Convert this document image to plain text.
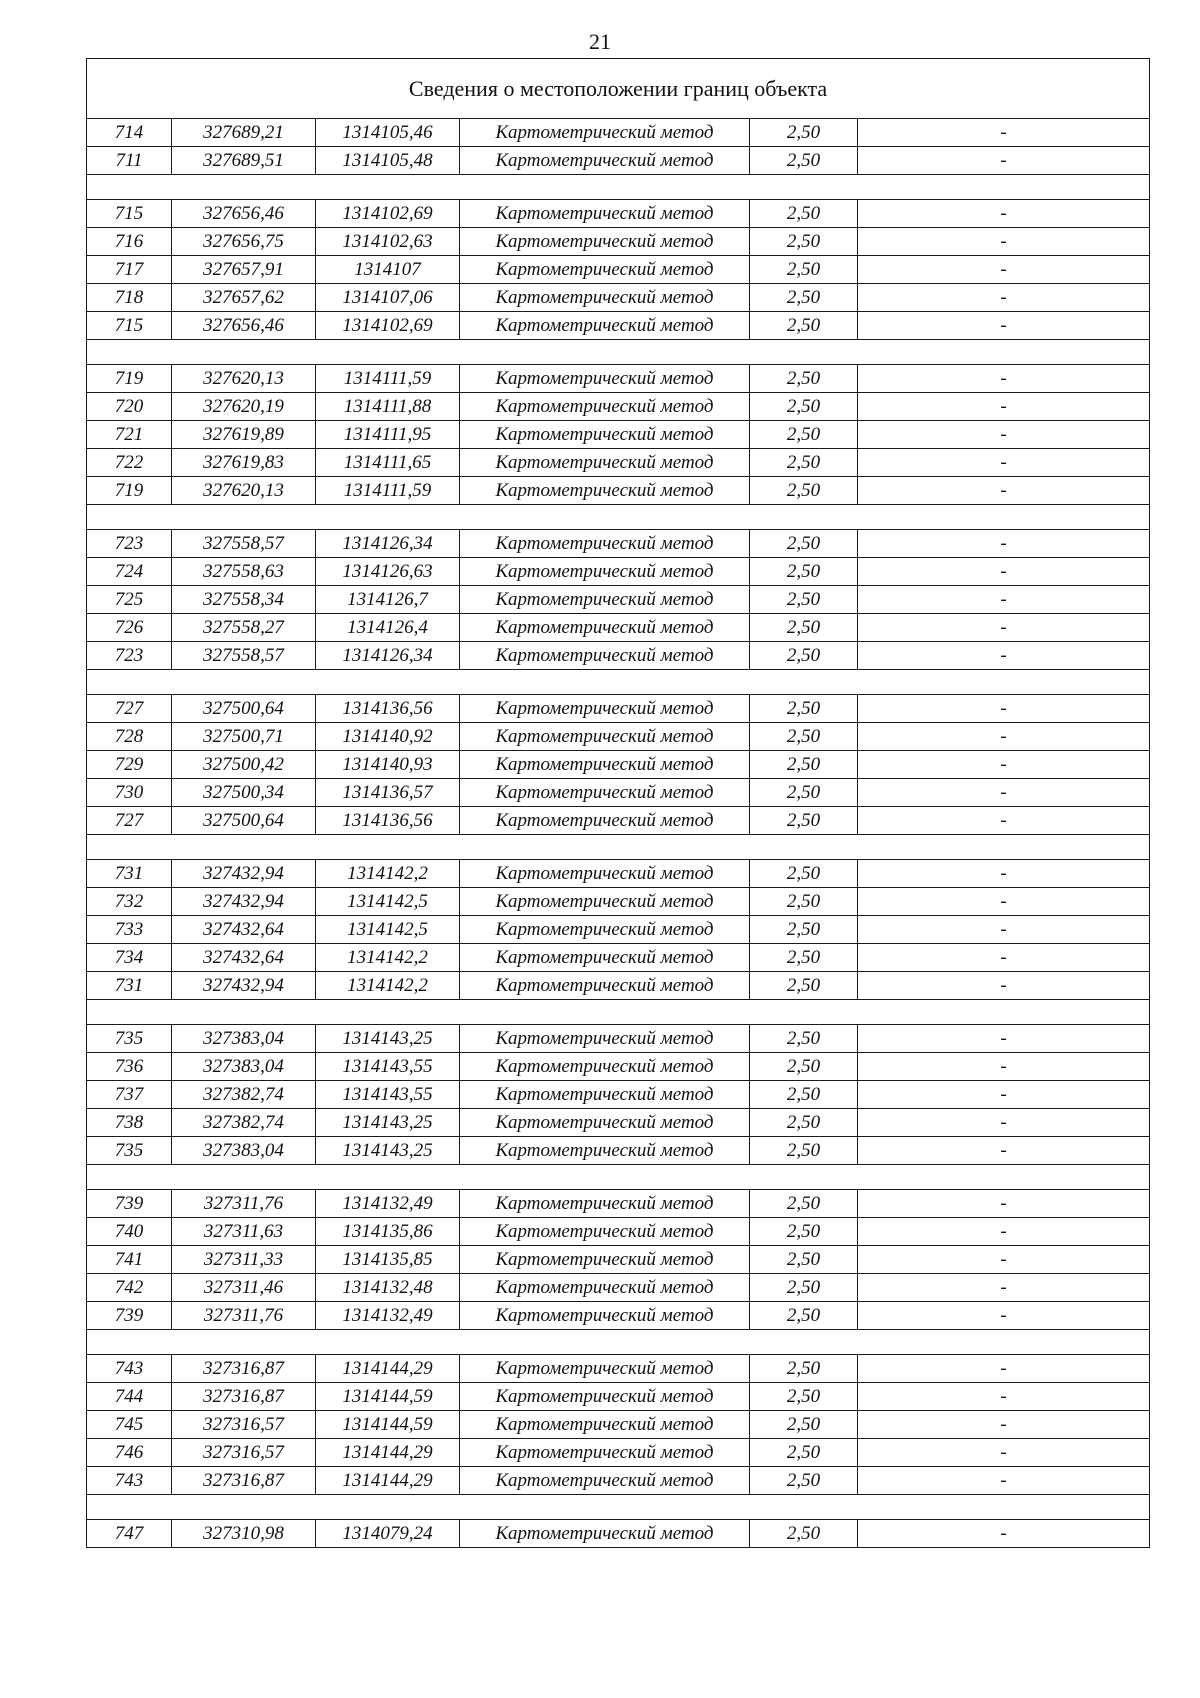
21
Сведения о местоположении границ объекта					
714	327689,21	1314105,46	Картометрический метод	2,50	-
711	327689,51	1314105,48	Картометрический метод	2,50	-

715	327656,46	1314102,69	Картометрический метод	2,50	-
716	327656,75	1314102,63	Картометрический метод	2,50	-
717	327657,91	1314107	Картометрический метод	2,50	-
718	327657,62	1314107,06	Картометрический метод	2,50	-
715	327656,46	1314102,69	Картометрический метод	2,50	-

719	327620,13	1314111,59	Картометрический метод	2,50	-
720	327620,19	1314111,88	Картометрический метод	2,50	-
721	327619,89	1314111,95	Картометрический метод	2,50	-
722	327619,83	1314111,65	Картометрический метод	2,50	-
719	327620,13	1314111,59	Картометрический метод	2,50	-

723	327558,57	1314126,34	Картометрический метод	2,50	-
724	327558,63	1314126,63	Картометрический метод	2,50	-
725	327558,34	1314126,7	Картометрический метод	2,50	-
726	327558,27	1314126,4	Картометрический метод	2,50	-
723	327558,57	1314126,34	Картометрический метод	2,50	-

727	327500,64	1314136,56	Картометрический метод	2,50	-
728	327500,71	1314140,92	Картометрический метод	2,50	-
729	327500,42	1314140,93	Картометрический метод	2,50	-
730	327500,34	1314136,57	Картометрический метод	2,50	-
727	327500,64	1314136,56	Картометрический метод	2,50	-

731	327432,94	1314142,2	Картометрический метод	2,50	-
732	327432,94	1314142,5	Картометрический метод	2,50	-
733	327432,64	1314142,5	Картометрический метод	2,50	-
734	327432,64	1314142,2	Картометрический метод	2,50	-
731	327432,94	1314142,2	Картометрический метод	2,50	-

735	327383,04	1314143,25	Картометрический метод	2,50	-
736	327383,04	1314143,55	Картометрический метод	2,50	-
737	327382,74	1314143,55	Картометрический метод	2,50	-
738	327382,74	1314143,25	Картометрический метод	2,50	-
735	327383,04	1314143,25	Картометрический метод	2,50	-

739	327311,76	1314132,49	Картометрический метод	2,50	-
740	327311,63	1314135,86	Картометрический метод	2,50	-
741	327311,33	1314135,85	Картометрический метод	2,50	-
742	327311,46	1314132,48	Картометрический метод	2,50	-
739	327311,76	1314132,49	Картометрический метод	2,50	-

743	327316,87	1314144,29	Картометрический метод	2,50	-
744	327316,87	1314144,59	Картометрический метод	2,50	-
745	327316,57	1314144,59	Картометрический метод	2,50	-
746	327316,57	1314144,29	Картометрический метод	2,50	-
743	327316,87	1314144,29	Картометрический метод	2,50	-

747	327310,98	1314079,24	Картометрический метод	2,50	-
